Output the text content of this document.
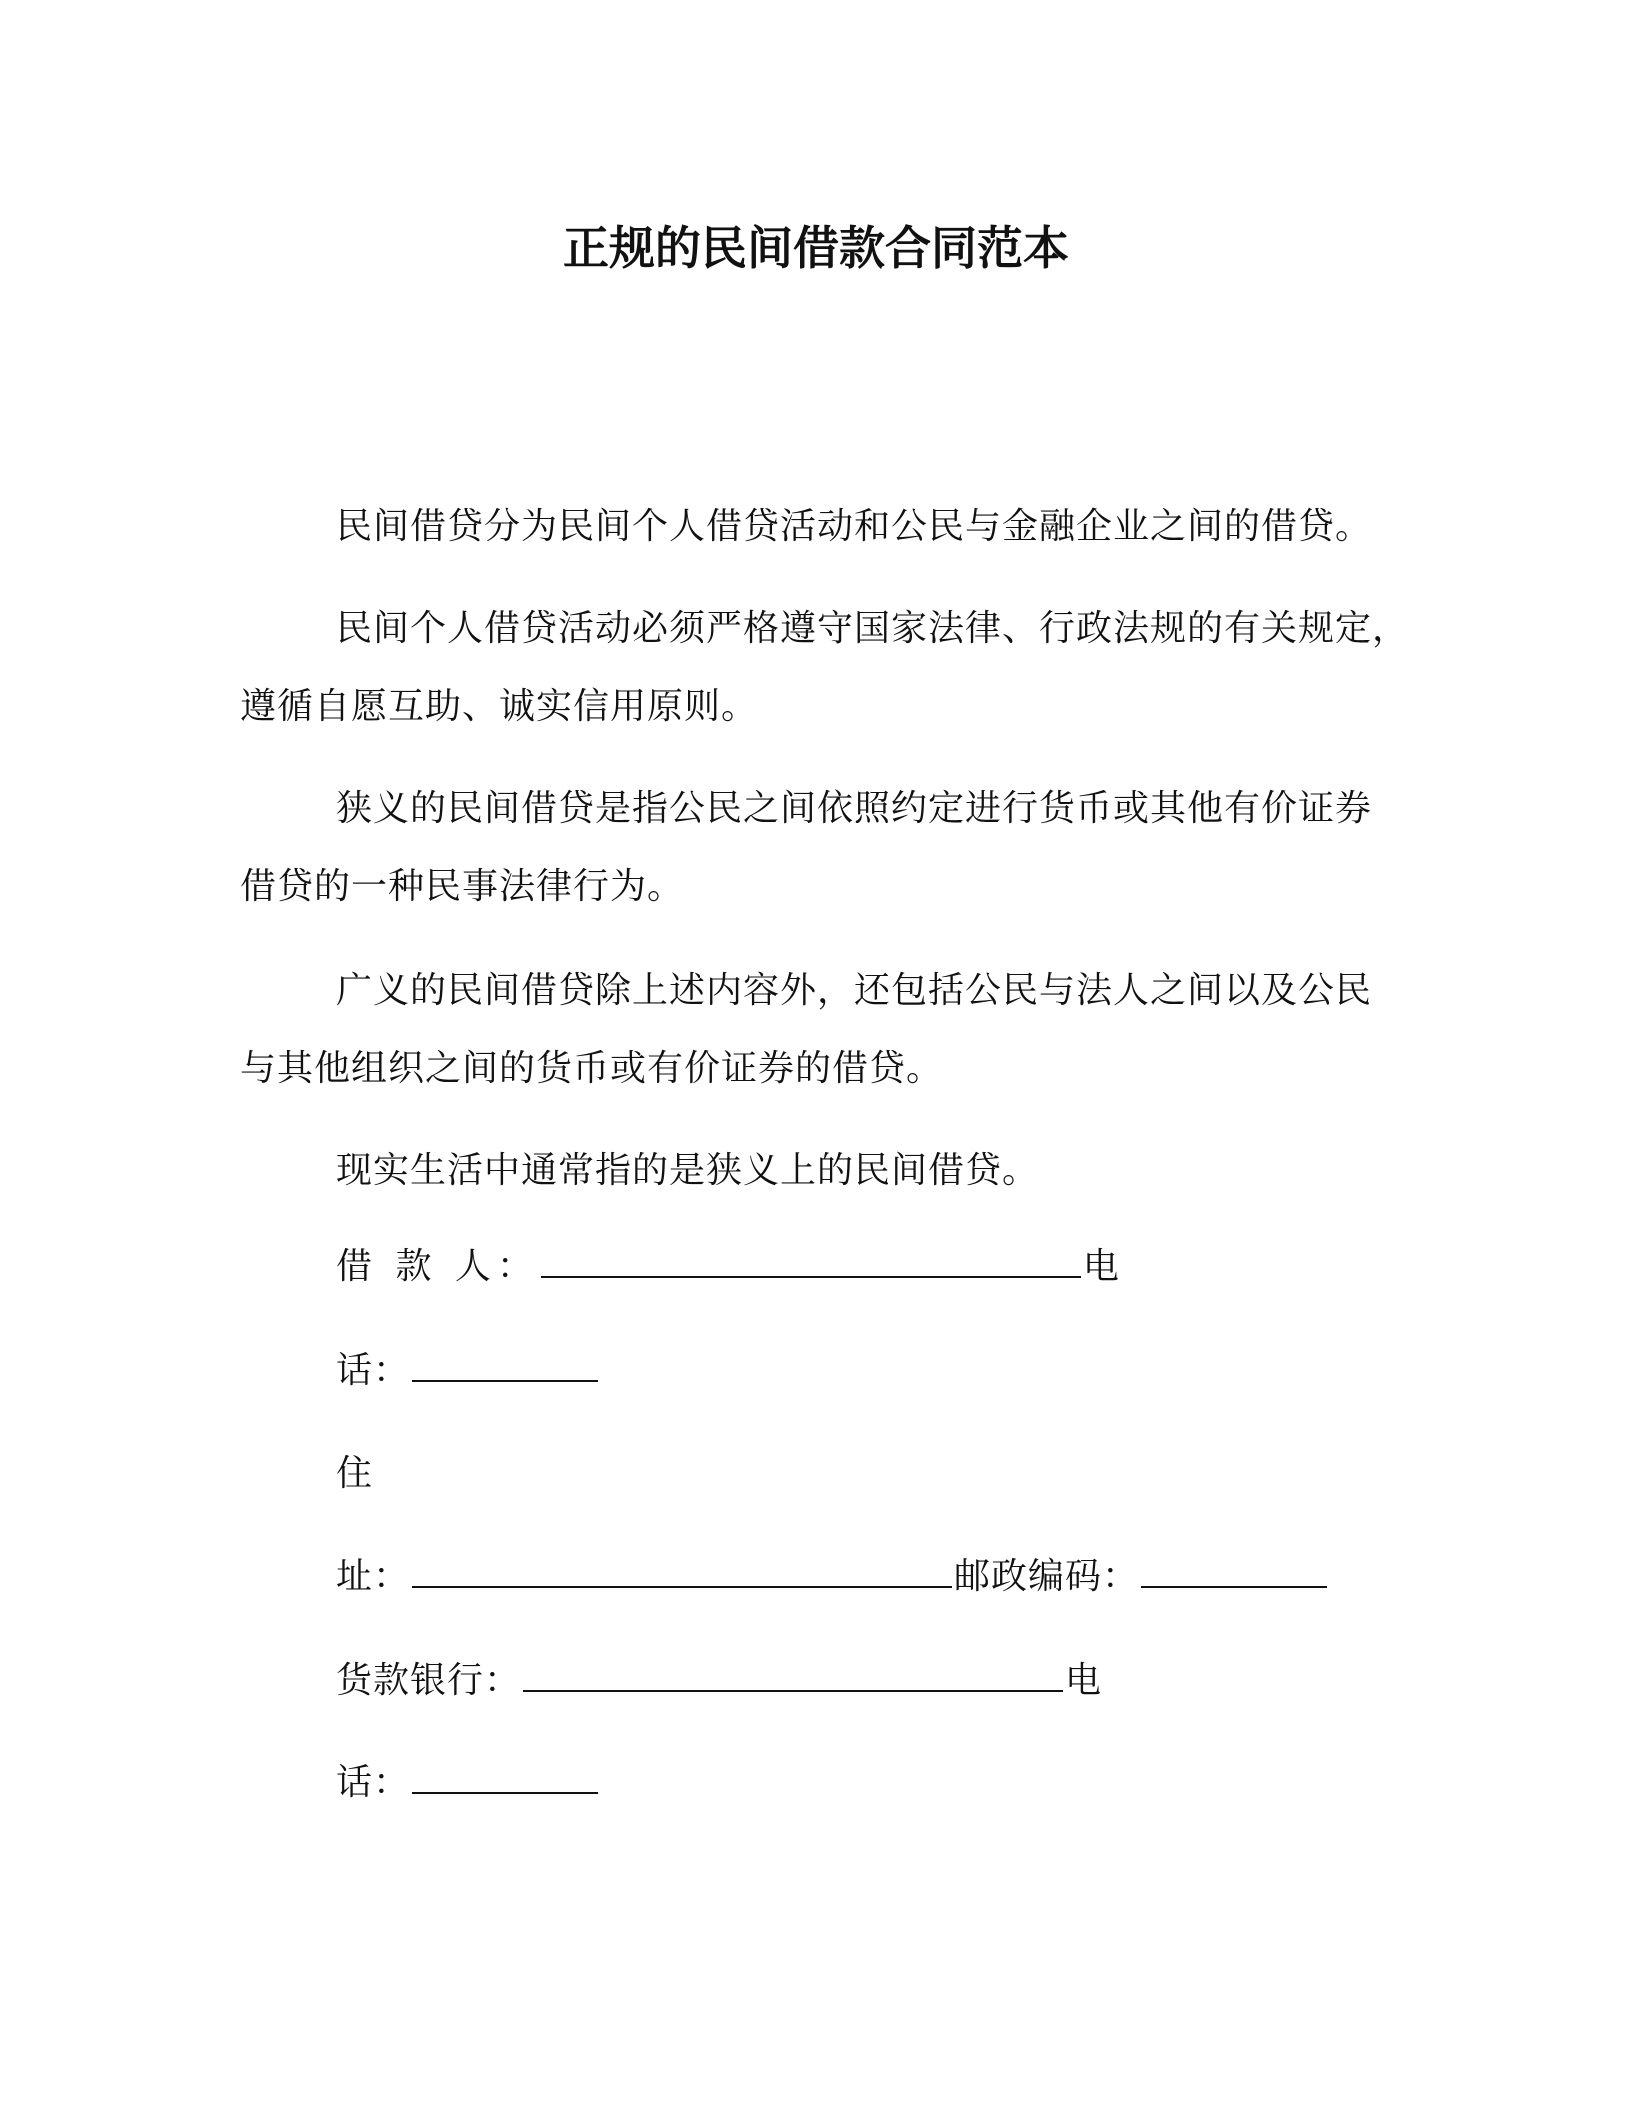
正规的民间借款合同范本

民间借贷分为民间个人借贷活动和公民与金融企业之间的借贷。

民间个人借贷活动必须严格遵守国家法律、行政法规的有关规定，遵循自愿互助、诚实信用原则。

狭义的民间借贷是指公民之间依照约定进行货币或其他有价证券借贷的一种民事法律行为。

广义的民间借贷除上述内容外，还包括公民与法人之间以及公民与其他组织之间的货币或有价证券的借贷。

现实生活中通常指的是狭义上的民间借贷。

借 款 人：	电
话：
住
址：	邮政编码：
货款银行：	电
话：
